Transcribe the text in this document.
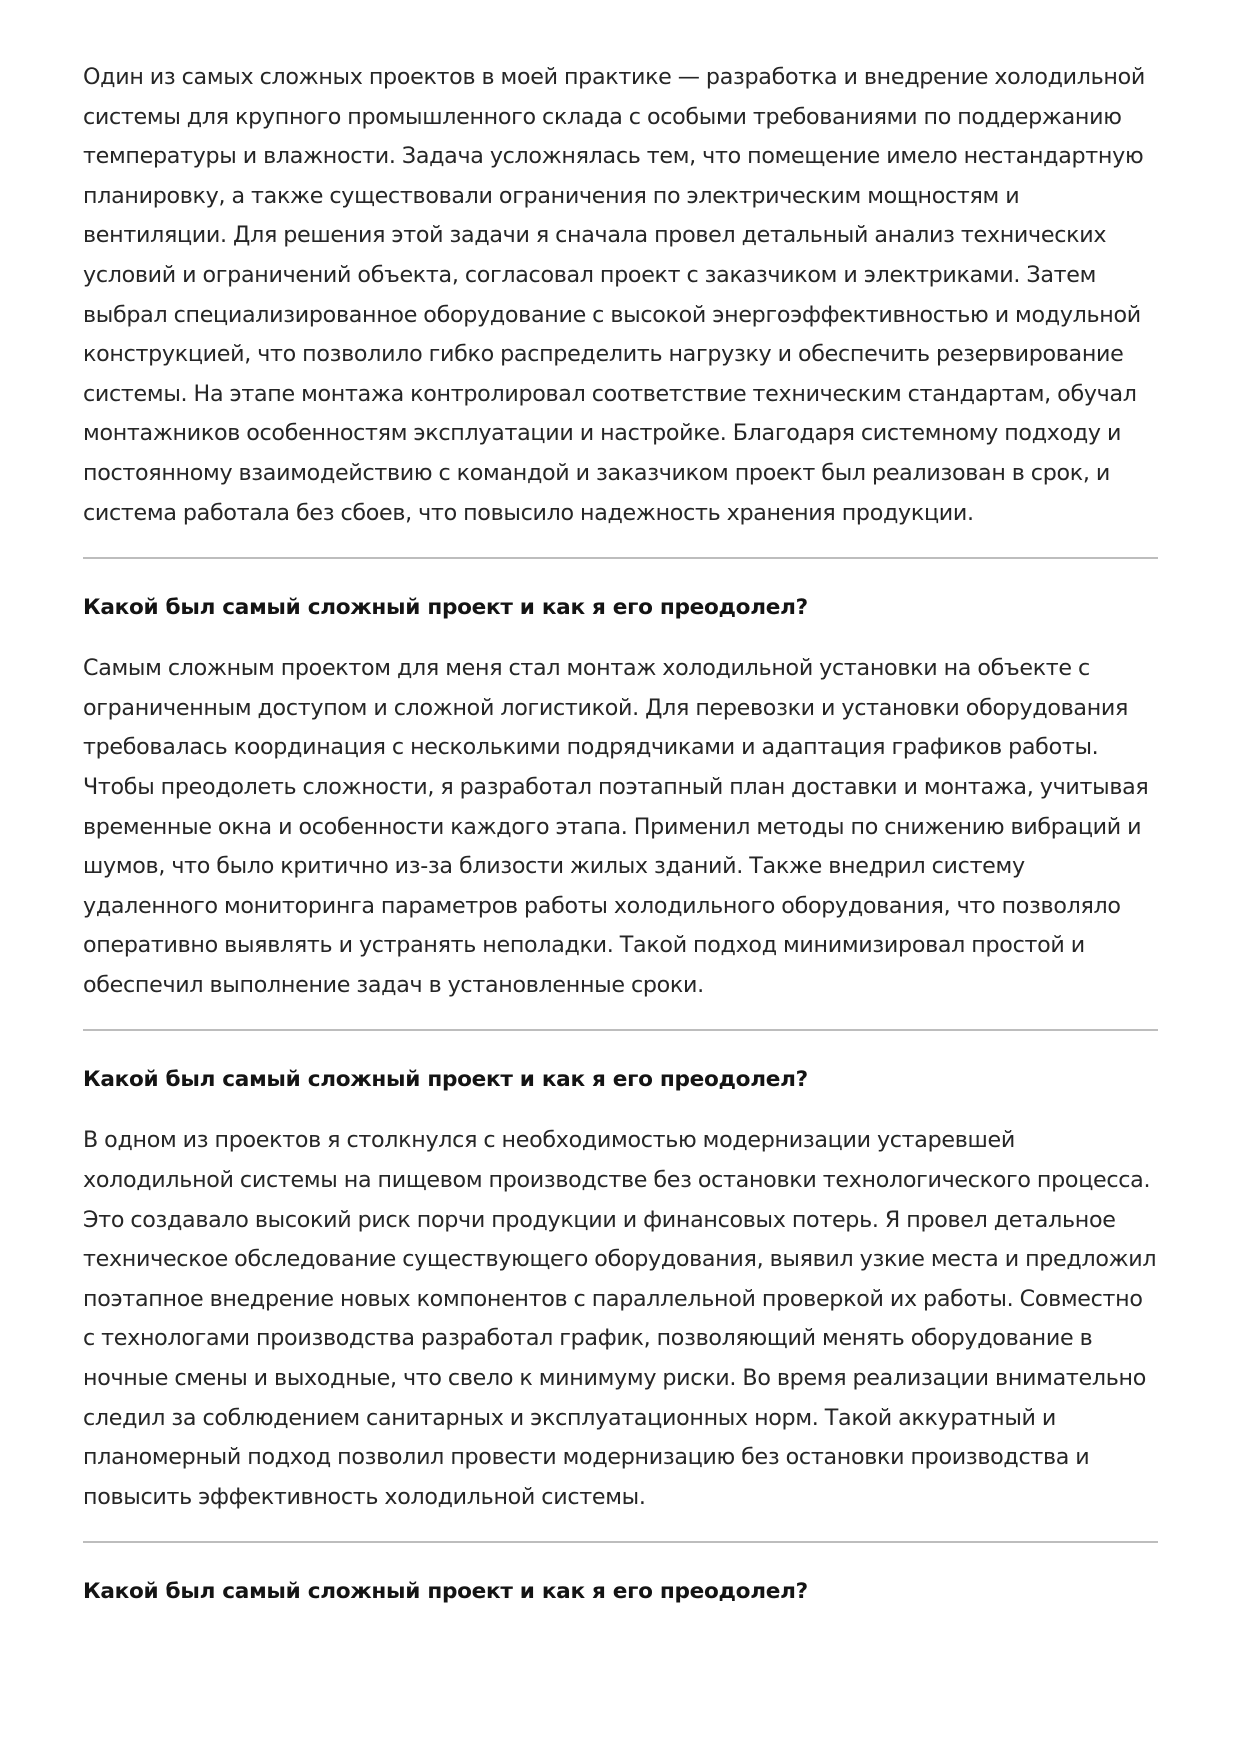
Один из самых сложных проектов в моей практике — разработка и внедрение холодильной системы для крупного промышленного склада с особыми требованиями по поддержанию температуры и влажности. Задача усложнялась тем, что помещение имело нестандартную планировку, а также существовали ограничения по электрическим мощностям и вентиляции. Для решения этой задачи я сначала провел детальный анализ технических условий и ограничений объекта, согласовал проект с заказчиком и электриками. Затем выбрал специализированное оборудование с высокой энергоэффективностью и модульной конструкцией, что позволило гибко распределить нагрузку и обеспечить резервирование системы. На этапе монтажа контролировал соответствие техническим стандартам, обучал монтажников особенностям эксплуатации и настройке. Благодаря системному подходу и постоянному взаимодействию с командой и заказчиком проект был реализован в срок, и система работала без сбоев, что повысило надежность хранения продукции.

Какой был самый сложный проект и как я его преодолел?

Самым сложным проектом для меня стал монтаж холодильной установки на объекте с ограниченным доступом и сложной логистикой. Для перевозки и установки оборудования требовалась координация с несколькими подрядчиками и адаптация графиков работы. Чтобы преодолеть сложности, я разработал поэтапный план доставки и монтажа, учитывая временные окна и особенности каждого этапа. Применил методы по снижению вибраций и шумов, что было критично из-за близости жилых зданий. Также внедрил систему удаленного мониторинга параметров работы холодильного оборудования, что позволяло оперативно выявлять и устранять неполадки. Такой подход минимизировал простой и обеспечил выполнение задач в установленные сроки.

Какой был самый сложный проект и как я его преодолел?

В одном из проектов я столкнулся с необходимостью модернизации устаревшей холодильной системы на пищевом производстве без остановки технологического процесса. Это создавало высокий риск порчи продукции и финансовых потерь. Я провел детальное техническое обследование существующего оборудования, выявил узкие места и предложил поэтапное внедрение новых компонентов с параллельной проверкой их работы. Совместно с технологами производства разработал график, позволяющий менять оборудование в ночные смены и выходные, что свело к минимуму риски. Во время реализации внимательно следил за соблюдением санитарных и эксплуатационных норм. Такой аккуратный и планомерный подход позволил провести модернизацию без остановки производства и повысить эффективность холодильной системы.

Какой был самый сложный проект и как я его преодолел?
